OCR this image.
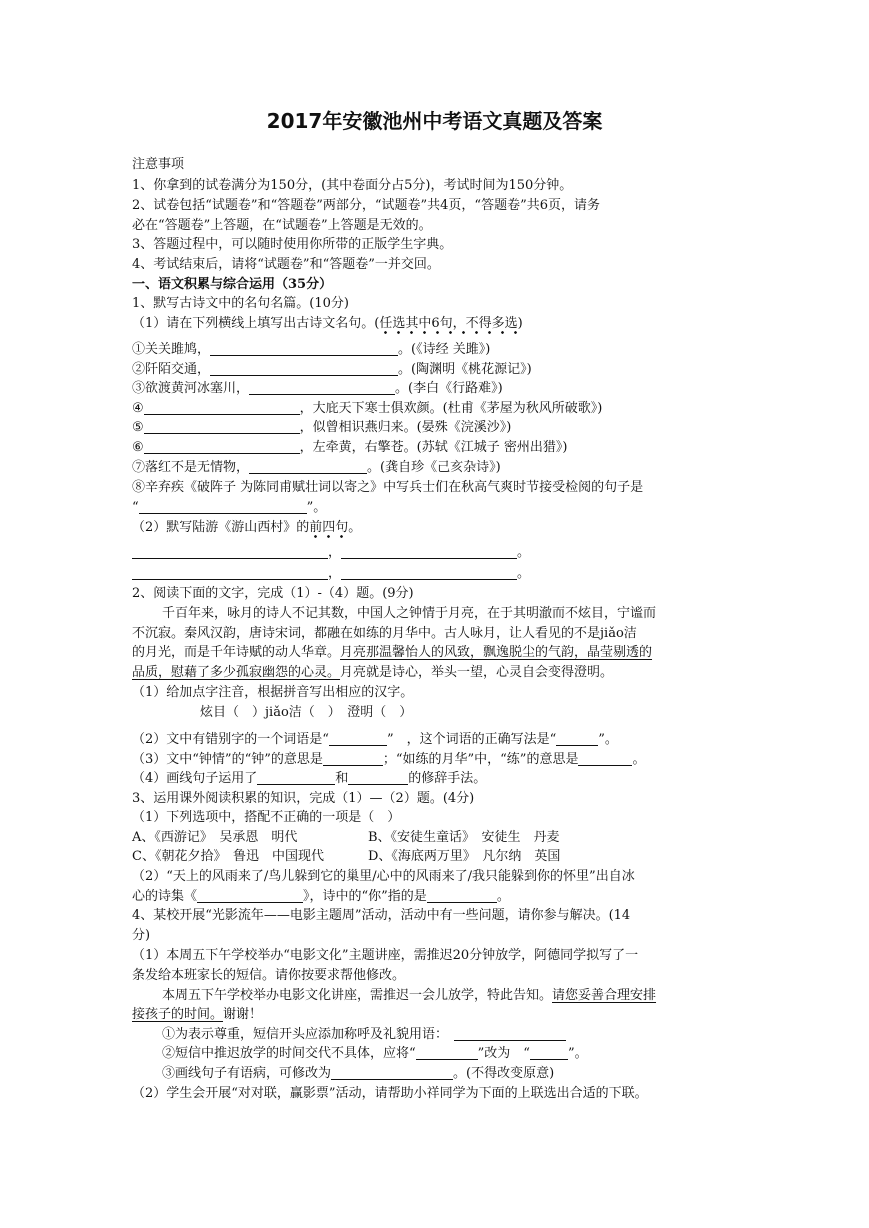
2017年安徽池州中考语文真题及答案
注意事项
1、你拿到的试卷满分为150分，(其中卷面分占5分)，考试时间为150分钟。
2、试卷包括“试题卷”和“答题卷”两部分，“试题卷”共4页，“答题卷”共6页，请务
必在“答题卷”上答题，在“试题卷”上答题是无效的。
3、答题过程中，可以随时使用你所带的正版学生字典。
4、考试结束后，请将“试题卷”和“答题卷”一并交回。
一、语文积累与综合运用（35分）
1、默写古诗文中的名句名篇。(10分)
（1）请在下列横线上填写出古诗文名句。(任选其中6句，不得多选)
①关关雎鸠，	。(《诗经 关雎》)
②阡陌交通，	。(陶渊明《桃花源记》)
③欲渡黄河冰塞川，	。(李白《行路难》)
④	，大庇天下寒士俱欢颜。(杜甫《茅屋为秋风所破歌》)
⑤	，似曾相识燕归来。(晏殊《浣溪沙》)
⑥	，左牵黄，右擎苍。(苏轼《江城子 密州出猎》)
⑦落红不是无情物，	。(龚自珍《己亥杂诗》)
⑧辛弃疾《破阵子 为陈同甫赋壮词以寄之》中写兵士们在秋高气爽时节接受检阅的句子是
“	”。
（2）默写陆游《游山西村》的前四句。
，	。
，	。
2、阅读下面的文字，完成（1）-（4）题。(9分)
千百年来，咏月的诗人不记其数，中国人之钟情于月亮，在于其明澈而不炫目，宁谧而
不沉寂。秦风汉韵，唐诗宋词，都融在如练的月华中。古人咏月，让人看见的不是jiǎo洁
的月光，而是千年诗赋的动人华章。月亮那温馨怡人的风致，飘逸脱尘的气韵，晶莹剔透的
品质，慰藉了多少孤寂幽怨的心灵。月亮就是诗心，举头一望，心灵自会变得澄明。
（1）给加点字注音，根据拼音写出相应的汉字。
炫目（　）jiǎo洁（　）　澄明（　）
（2）文中有错别字的一个词语是“	”　，这个词语的正确写法是“	”。
（3）文中“钟情”的“钟”的意思是	；“如练的月华”中，“练”的意思是	。
（4）画线句子运用了	和	的修辞手法。
3、运用课外阅读积累的知识，完成（1）—（2）题。(4分)
（1）下列选项中，搭配不正确的一项是（　）
A、《西游记》　吴承恩　明代	B、《安徒生童话》　安徒生　丹麦
C、《朝花夕拾》　鲁迅　中国现代	D、《海底两万里》　凡尔纳　英国
（2）“天上的风雨来了/鸟儿躲到它的巢里/心中的风雨来了/我只能躲到你的怀里”出自冰
心的诗集《	》，诗中的“你”指的是	。
4、某校开展“光影流年——电影主题周”活动，活动中有一些问题，请你参与解决。(14
分)
（1）本周五下午学校举办“电影文化”主题讲座，需推迟20分钟放学，阿德同学拟写了一
条发给本班家长的短信。请你按要求帮他修改。
本周五下午学校举办电影文化讲座，需推迟一会儿放学，特此告知。请您妥善合理安排
接孩子的时间。谢谢！
①为表示尊重，短信开头应添加称呼及礼貌用语：
②短信中推迟放学的时间交代不具体，应将“	”改为　“	”。
③画线句子有语病，可修改为	。(不得改变原意)
（2）学生会开展“对对联，赢影票”活动，请帮助小祥同学为下面的上联选出合适的下联。
